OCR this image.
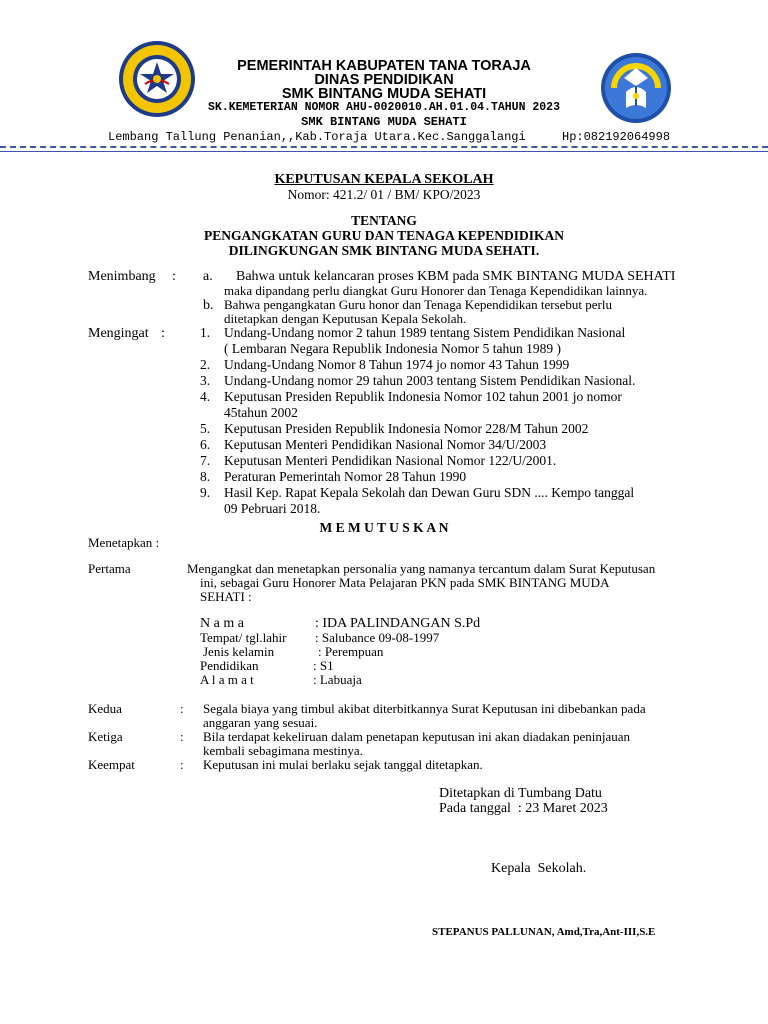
PEMERINTAH KABUPATEN TANA TORAJA
DINAS PENDIDIKAN
SMK BINTANG MUDA SEHATI
SK.KEMETERIAN NOMOR AHU-0020010.AH.01.04.TAHUN 2023
SMK BINTANG MUDA SEHATI
Lembang Tallung Penanian,,Kab.Toraja Utara.Kec.Sanggalangi	Hp:082192064998
KEPUTUSAN KEPALA SEKOLAH
Nomor: 421.2/ 01 / BM/ KPO/2023
TENTANG
PENGANGKATAN GURU DAN TENAGA KEPENDIDIKAN
DILINGKUNGAN SMK BINTANG MUDA SEHATI.
Menimbang : a. Bahwa untuk kelancaran proses KBM pada SMK BINTANG MUDA SEHATI
maka dipandang perlu diangkat Guru Honorer dan Tenaga Kependidikan lainnya.
b. Bahwa pengangkatan Guru honor dan Tenaga Kependidikan tersebut perlu
ditetapkan dengan Keputusan Kepala Sekolah.
Mengingat :	1.	Undang-Undang nomor 2 tahun 1989 tentang Sistem Pendidikan Nasional
( Lembaran Negara Republik Indonesia Nomor 5 tahun 1989 )
2.	Undang-Undang Nomor 8 Tahun 1974 jo nomor 43 Tahun 1999
3.	Undang-Undang nomor 29 tahun 2003 tentang Sistem Pendidikan Nasional.
4.	Keputusan Presiden Republik Indonesia Nomor 102 tahun 2001 jo nomor
45tahun 2002
5.	Keputusan Presiden Republik Indonesia Nomor 228/M Tahun 2002
6.	Keputusan Menteri Pendidikan Nasional Nomor 34/U/2003
7.	Keputusan Menteri Pendidikan Nasional Nomor 122/U/2001.
8.	Peraturan Pemerintah Nomor 28 Tahun 1990
9.	Hasil Kep. Rapat Kepala Sekolah dan Dewan Guru SDN .... Kempo tanggal
09 Pebruari 2018.
M E M U T U S K A N
Menetapkan :
Pertama	Mengangkat dan menetapkan personalia yang namanya tercantum dalam Surat Keputusan
ini, sebagai Guru Honorer Mata Pelajaran PKN pada SMK BINTANG MUDA
SEHATI :
N a m a	: IDA PALINDANGAN S.Pd
Tempat/ tgl.lahir : Salubance 09-08-1997
Jenis kelamin	: Perempuan
Pendidikan	: S1
A l a m a t	: Labuaja
Kedua	: Segala biaya yang timbul akibat diterbitkannya Surat Keputusan ini dibebankan pada
anggaran yang sesuai.
Ketiga	: Bila terdapat kekeliruan dalam penetapan keputusan ini akan diadakan peninjauan
kembali sebagimana mestinya.
Keempat	: Keputusan ini mulai berlaku sejak tanggal ditetapkan.
Ditetapkan di Tumbang Datu
Pada tanggal  : 23 Maret 2023
Kepala  Sekolah.
STEPANUS PALLUNAN, Amd,Tra,Ant-III,S.E
